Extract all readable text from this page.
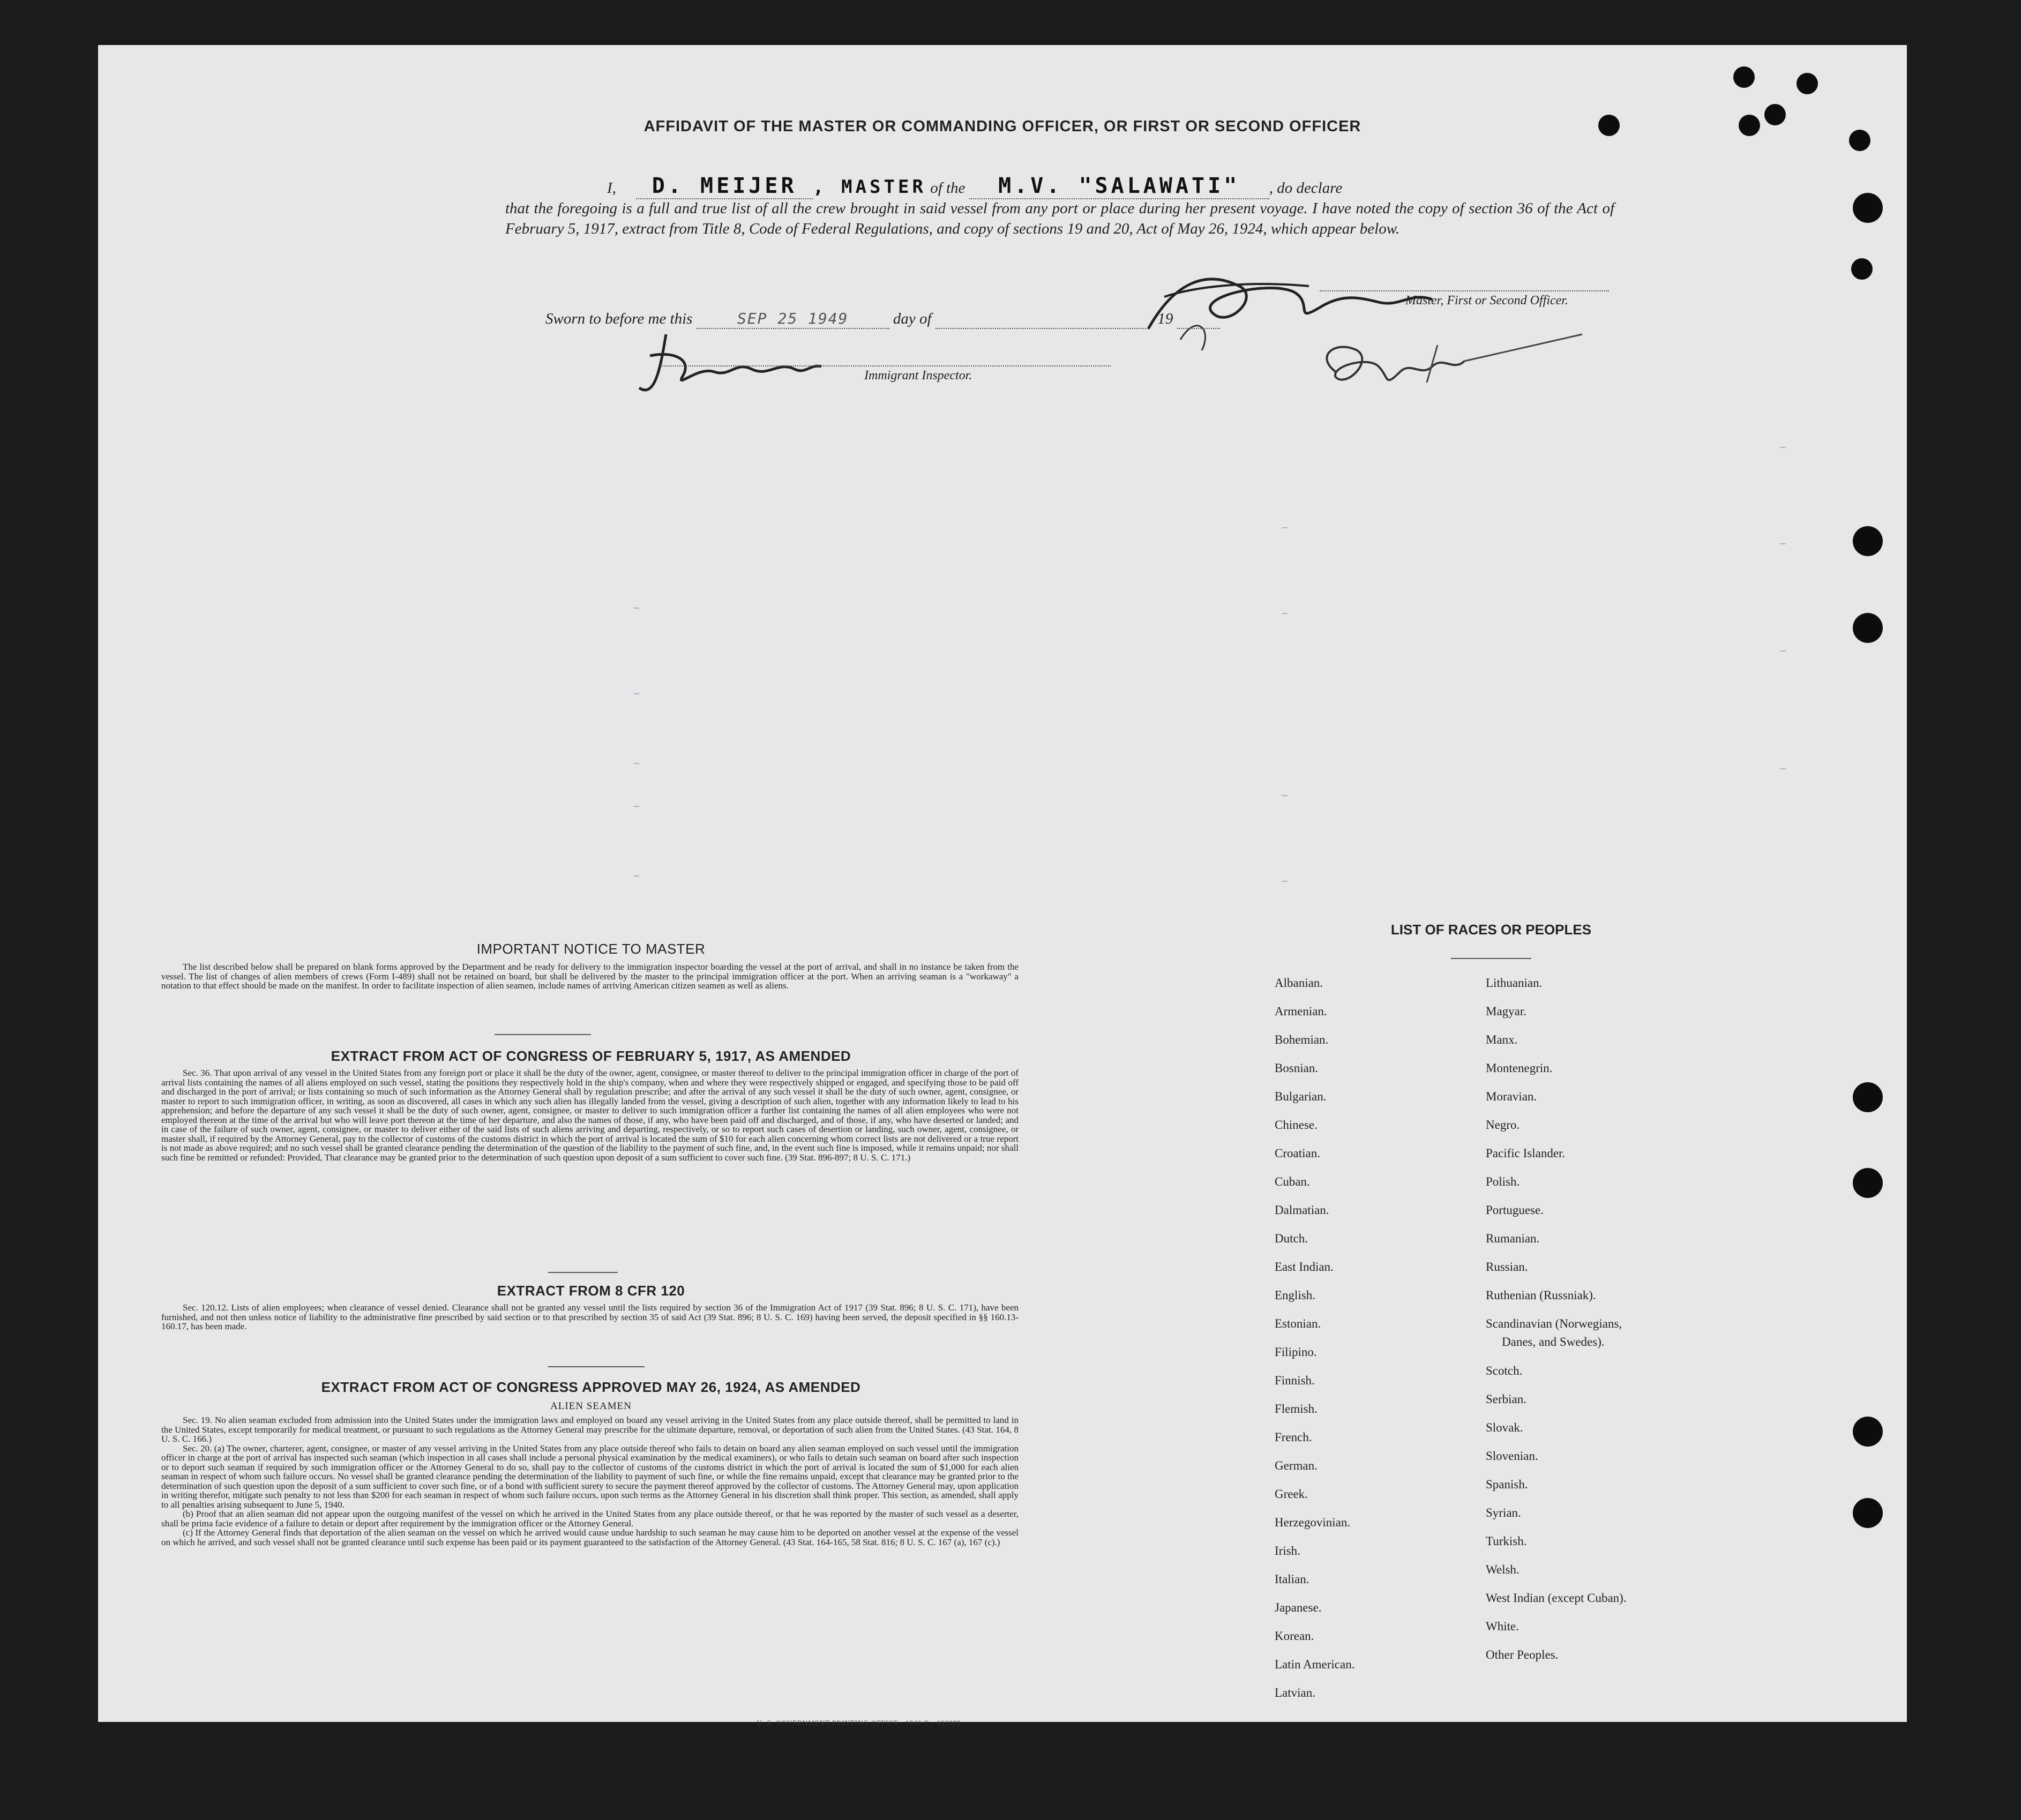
AFFIDAVIT OF THE MASTER OR COMMANDING OFFICER, OR FIRST OR SECOND OFFICER
I, D. MEIJER , MASTER of the M.V. "SALAWATI" , do declare
that the foregoing is a full and true list of all the crew brought in said vessel from any port or place during her present voyage. I have noted the copy of section 36 of the Act of February 5, 1917, extract from Title 8, Code of Federal Regulations, and copy of sections 19 and 20, Act of May 26, 1924, which appear below.
Master, First or Second Officer.
Sworn to before me this	SEP 25 1949	day of	, 19
Immigrant Inspector.
IMPORTANT NOTICE TO MASTER

The list described below shall be prepared on blank forms approved by the Department and be ready for delivery to the immigration inspector boarding the vessel at the port of arrival, and shall in no instance be taken from the vessel. The list of changes of alien members of crews (Form I-489) shall not be retained on board, but shall be delivered by the master to the principal immigration officer at the port. When an arriving seaman is a "workaway" a notation to that effect should be made on the manifest. In order to facilitate inspection of alien seamen, include names of arriving American citizen seamen as well as aliens.

EXTRACT FROM ACT OF CONGRESS OF FEBRUARY 5, 1917, AS AMENDED

Sec. 36. That upon arrival of any vessel in the United States from any foreign port or place it shall be the duty of the owner, agent, consignee, or master thereof to deliver to the principal immigration officer in charge of the port of arrival lists containing the names of all aliens employed on such vessel, stating the positions they respectively hold in the ship's company, when and where they were respectively shipped or engaged, and specifying those to be paid off and discharged in the port of arrival; or lists containing so much of such information as the Attorney General shall by regulation prescribe; and after the arrival of any such vessel it shall be the duty of such owner, agent, consignee, or master to report to such immigration officer, in writing, as soon as discovered, all cases in which any such alien has illegally landed from the vessel, giving a description of such alien, together with any information likely to lead to his apprehension; and before the departure of any such vessel it shall be the duty of such owner, agent, consignee, or master to deliver to such immigration officer a further list containing the names of all alien employees who were not employed thereon at the time of the arrival but who will leave port thereon at the time of her departure, and also the names of those, if any, who have been paid off and discharged, and of those, if any, who have deserted or landed; and in case of the failure of such owner, agent, consignee, or master to deliver either of the said lists of such aliens arriving and departing, respectively, or so to report such cases of desertion or landing, such owner, agent, consignee, or master shall, if required by the Attorney General, pay to the collector of customs of the customs district in which the port of arrival is located the sum of $10 for each alien concerning whom correct lists are not delivered or a true report is not made as above required; and no such vessel shall be granted clearance pending the determination of the question of the liability to the payment of such fine, and, in the event such fine is imposed, while it remains unpaid; nor shall such fine be remitted or refunded: Provided, That clearance may be granted prior to the determination of such question upon deposit of a sum sufficient to cover such fine. (39 Stat. 896-897; 8 U. S. C. 171.)

EXTRACT FROM 8 CFR 120

Sec. 120.12. Lists of alien employees; when clearance of vessel denied. Clearance shall not be granted any vessel until the lists required by section 36 of the Immigration Act of 1917 (39 Stat. 896; 8 U. S. C. 171), have been furnished, and not then unless notice of liability to the administrative fine prescribed by said section or to that prescribed by section 35 of said Act (39 Stat. 896; 8 U. S. C. 169) having been served, the deposit specified in §§ 160.13-160.17, has been made.

EXTRACT FROM ACT OF CONGRESS APPROVED MAY 26, 1924, AS AMENDED
ALIEN SEAMEN

Sec. 19. No alien seaman excluded from admission into the United States under the immigration laws and employed on board any vessel arriving in the United States from any place outside thereof, shall be permitted to land in the United States, except temporarily for medical treatment, or pursuant to such regulations as the Attorney General may prescribe for the ultimate departure, removal, or deportation of such alien from the United States. (43 Stat. 164, 8 U. S. C. 166.)

Sec. 20. (a) The owner, charterer, agent, consignee, or master of any vessel arriving in the United States from any place outside thereof who fails to detain on board any alien seaman employed on such vessel until the immigration officer in charge at the port of arrival has inspected such seaman (which inspection in all cases shall include a personal physical examination by the medical examiners), or who fails to detain such seaman on board after such inspection or to deport such seaman if required by such immigration officer or the Attorney General to do so, shall pay to the collector of customs of the customs district in which the port of arrival is located the sum of $1,000 for each alien seaman in respect of whom such failure occurs. No vessel shall be granted clearance pending the determination of the liability to payment of such fine, or while the fine remains unpaid, except that clearance may be granted prior to the determination of such question upon the deposit of a sum sufficient to cover such fine, or of a bond with sufficient surety to secure the payment thereof approved by the collector of customs. The Attorney General may, upon application in writing therefor, mitigate such penalty to not less than $200 for each seaman in respect of whom such failure occurs, upon such terms as the Attorney General in his discretion shall think proper. This section, as amended, shall apply to all penalties arising subsequent to June 5, 1940.

(b) Proof that an alien seaman did not appear upon the outgoing manifest of the vessel on which he arrived in the United States from any place outside thereof, or that he was reported by the master of such vessel as a deserter, shall be prima facie evidence of a failure to detain or deport after requirement by the immigration officer or the Attorney General.

(c) If the Attorney General finds that deportation of the alien seaman on the vessel on which he arrived would cause undue hardship to such seaman he may cause him to be deported on another vessel at the expense of the vessel on which he arrived, and such vessel shall not be granted clearance until such expense has been paid or its payment guaranteed to the satisfaction of the Attorney General. (43 Stat. 164-165, 58 Stat. 816; 8 U. S. C. 167 (a), 167 (c).)

U. S. GOVERNMENT PRINTING OFFICE : 1946 O - 693089
LIST OF RACES OR PEOPLES
Albanian.
Armenian.
Bohemian.
Bosnian.
Bulgarian.
Chinese.
Croatian.
Cuban.
Dalmatian.
Dutch.
East Indian.
English.
Estonian.
Filipino.
Finnish.
Flemish.
French.
German.
Greek.
Herzegovinian.
Irish.
Italian.
Japanese.
Korean.
Latin American.
Latvian.
Lithuanian.
Magyar.
Manx.
Montenegrin.
Moravian.
Negro.
Pacific Islander.
Polish.
Portuguese.
Rumanian.
Russian.
Ruthenian (Russniak).
Scandinavian (Norwegians,
Danes, and Swedes).
Scotch.
Serbian.
Slovak.
Slovenian.
Spanish.
Syrian.
Turkish.
Welsh.
West Indian (except Cuban).
White.
Other Peoples.
